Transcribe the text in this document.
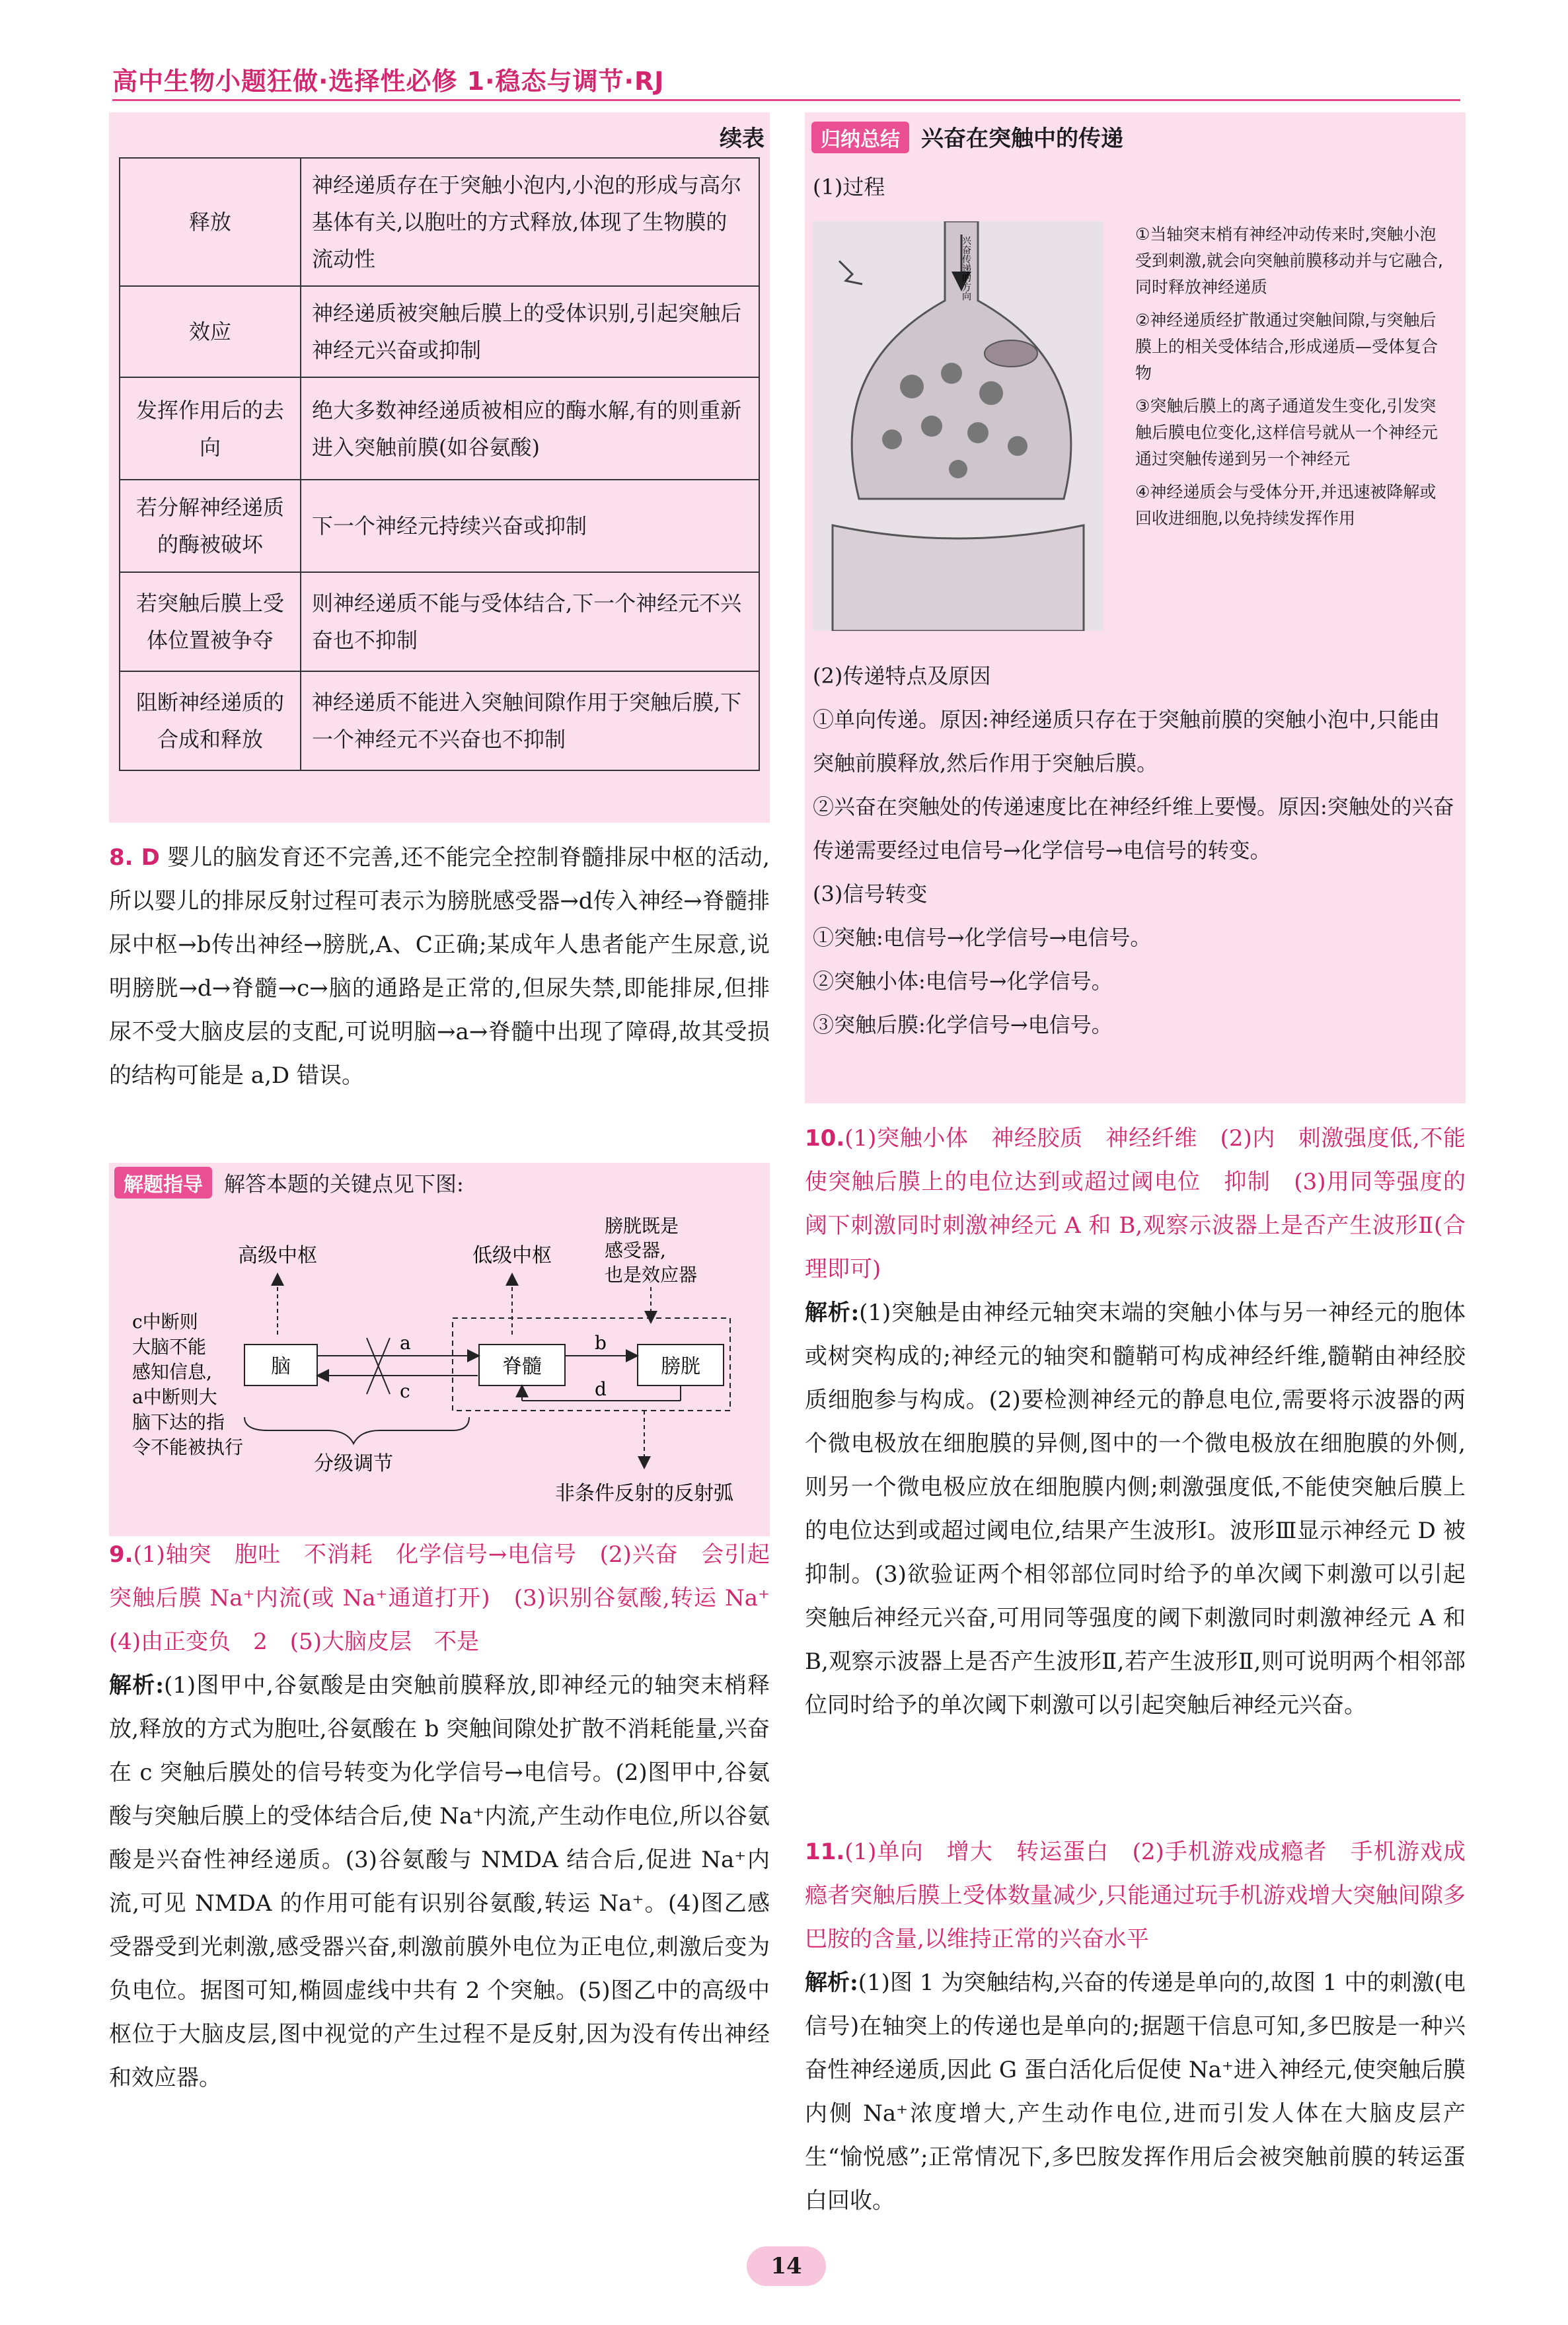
高中生物小题狂做·选择性必修 1·稳态与调节·RJ
续表
释放	神经递质存在于突触小泡内,小泡的形成与高尔基体有关,以胞吐的方式释放,体现了生物膜的流动性
效应	神经递质被突触后膜上的受体识别,引起突触后神经元兴奋或抑制
发挥作用后的去向	绝大多数神经递质被相应的酶水解,有的则重新进入突触前膜(如谷氨酸)
若分解神经递质的酶被破坏	下一个神经元持续兴奋或抑制
若突触后膜上受体位置被争夺	则神经递质不能与受体结合,下一个神经元不兴奋也不抑制
阻断神经递质的合成和释放	神经递质不能进入突触间隙作用于突触后膜,下一个神经元不兴奋也不抑制
8. D 婴儿的脑发育还不完善,还不能完全控制脊髓排尿中枢的活动,所以婴儿的排尿反射过程可表示为膀胱感受器→d传入神经→脊髓排尿中枢→b传出神经→膀胱,A、C正确;某成年人患者能产生尿意,说明膀胱→d→脊髓→c→脑的通路是正常的,但尿失禁,即能排尿,但排尿不受大脑皮层的支配,可说明脑→a→脊髓中出现了障碍,故其受损的结构可能是 a,D 错误。
解题指导 解答本题的关键点见下图:
高级中枢	低级中枢
膀胱既是
感受器,
也是效应器
脑	脊髓	膀胱
a
c
b
d
分级调节
非条件反射的反射弧
c中断则
大脑不能
感知信息,
a中断则大
脑下达的指
令不能被执行
9.(1)轴突　胞吐　不消耗　化学信号→电信号　(2)兴奋　会引起突触后膜 Na⁺内流(或 Na⁺通道打开)　(3)识别谷氨酸,转运 Na⁺　(4)由正变负　2　(5)大脑皮层　不是
解析:(1)图甲中,谷氨酸是由突触前膜释放,即神经元的轴突末梢释放,释放的方式为胞吐,谷氨酸在 b 突触间隙处扩散不消耗能量,兴奋在 c 突触后膜处的信号转变为化学信号→电信号。(2)图甲中,谷氨酸与突触后膜上的受体结合后,使 Na⁺内流,产生动作电位,所以谷氨酸是兴奋性神经递质。(3)谷氨酸与 NMDA 结合后,促进 Na⁺内流,可见 NMDA 的作用可能有识别谷氨酸,转运 Na⁺。(4)图乙感受器受到光刺激,感受器兴奋,刺激前膜外电位为正电位,刺激后变为负电位。据图可知,椭圆虚线中共有 2 个突触。(5)图乙中的高级中枢位于大脑皮层,图中视觉的产生过程不是反射,因为没有传出神经和效应器。
归纳总结 兴奋在突触中的传递
(1)过程
兴奋传递的方向
①当轴突末梢有神经冲动传来时,突触小泡受到刺激,就会向突触前膜移动并与它融合,同时释放神经递质
②神经递质经扩散通过突触间隙,与突触后膜上的相关受体结合,形成递质—受体复合物
③突触后膜上的离子通道发生变化,引发突触后膜电位变化,这样信号就从一个神经元通过突触传递到另一个神经元
④神经递质会与受体分开,并迅速被降解或回收进细胞,以免持续发挥作用
(2)传递特点及原因
①单向传递。原因:神经递质只存在于突触前膜的突触小泡中,只能由突触前膜释放,然后作用于突触后膜。
②兴奋在突触处的传递速度比在神经纤维上要慢。原因:突触处的兴奋传递需要经过电信号→化学信号→电信号的转变。
(3)信号转变
①突触:电信号→化学信号→电信号。
②突触小体:电信号→化学信号。
③突触后膜:化学信号→电信号。
10.(1)突触小体　神经胶质　神经纤维　(2)内　刺激强度低,不能使突触后膜上的电位达到或超过阈电位　抑制　(3)用同等强度的阈下刺激同时刺激神经元 A 和 B,观察示波器上是否产生波形Ⅱ(合理即可)
解析:(1)突触是由神经元轴突末端的突触小体与另一神经元的胞体或树突构成的;神经元的轴突和髓鞘可构成神经纤维,髓鞘由神经胶质细胞参与构成。(2)要检测神经元的静息电位,需要将示波器的两个微电极放在细胞膜的异侧,图中的一个微电极放在细胞膜的外侧,则另一个微电极应放在细胞膜内侧;刺激强度低,不能使突触后膜上的电位达到或超过阈电位,结果产生波形Ⅰ。波形Ⅲ显示神经元 D 被抑制。(3)欲验证两个相邻部位同时给予的单次阈下刺激可以引起突触后神经元兴奋,可用同等强度的阈下刺激同时刺激神经元 A 和 B,观察示波器上是否产生波形Ⅱ,若产生波形Ⅱ,则可说明两个相邻部位同时给予的单次阈下刺激可以引起突触后神经元兴奋。
11.(1)单向　增大　转运蛋白　(2)手机游戏成瘾者　手机游戏成瘾者突触后膜上受体数量减少,只能通过玩手机游戏增大突触间隙多巴胺的含量,以维持正常的兴奋水平
解析:(1)图 1 为突触结构,兴奋的传递是单向的,故图 1 中的刺激(电信号)在轴突上的传递也是单向的;据题干信息可知,多巴胺是一种兴奋性神经递质,因此 G 蛋白活化后促使 Na⁺进入神经元,使突触后膜内侧 Na⁺浓度增大,产生动作电位,进而引发人体在大脑皮层产生“愉悦感”;正常情况下,多巴胺发挥作用后会被突触前膜的转运蛋白回收。
14
